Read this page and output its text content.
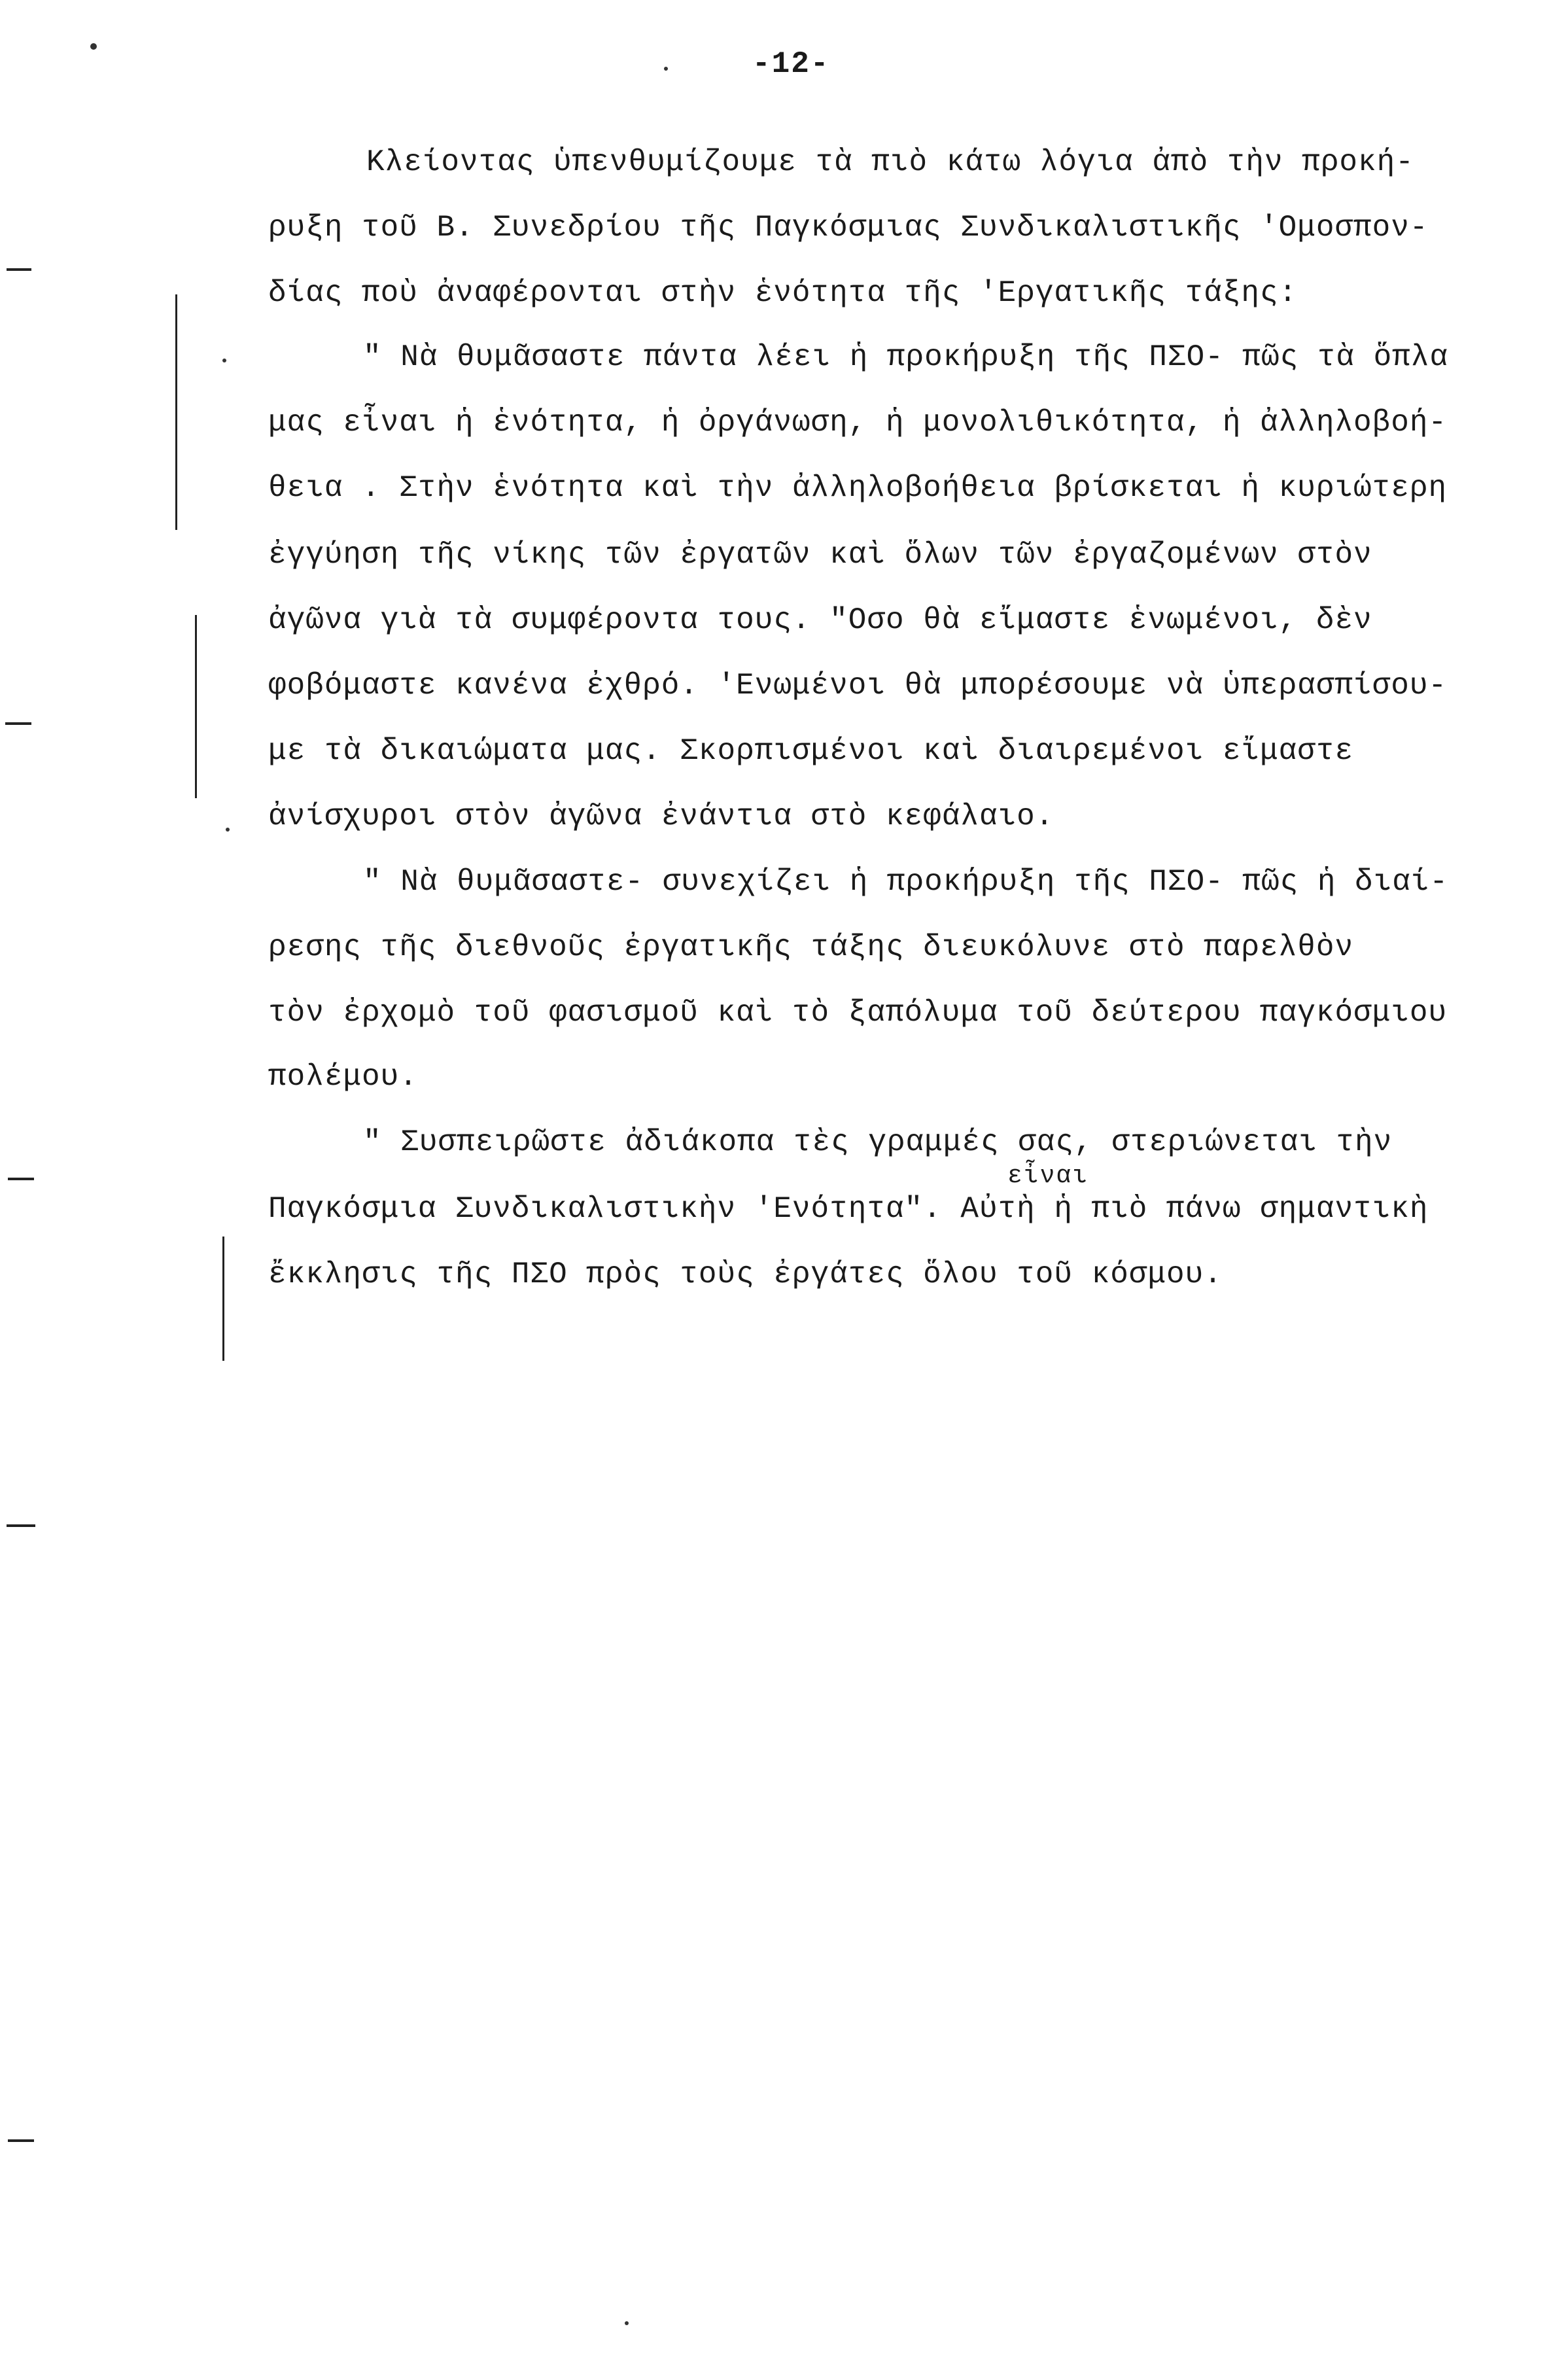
-12-
Κλείοντας ὑπενθυμίζουμε τὰ πιὸ κάτω λόγια ἀπὸ τὴν προκή-
ρυξη τοῦ Β. Συνεδρίου τῆς Παγκόσμιας Συνδικαλιστικῆς 'Ομοσπον-
δίας ποὺ ἀναφέρονται στὴν ἑνότητα τῆς 'Εργατικῆς τάξης:
" Νὰ θυμᾶσαστε πάντα λέει ἡ προκήρυξη τῆς ΠΣΟ- πῶς τὰ ὅπλα
μας εἶναι ἡ ἑνότητα, ἡ ὀργάνωση, ἡ μονολιθικότητα, ἡ ἀλληλοβοή-
θεια . Στὴν ἑνότητα καὶ τὴν ἀλληλοβοήθεια βρίσκεται ἡ κυριώτερη
ἐγγύηση τῆς νίκης τῶν ἐργατῶν καὶ ὅλων τῶν ἐργαζομένων στὸν
ἀγῶνα γιὰ τὰ συμφέροντα τους. "Οσο θὰ εἴμαστε ἑνωμένοι, δὲν
φοβόμαστε κανένα ἐχθρό. 'Ενωμένοι θὰ μπορέσουμε νὰ ὑπερασπίσου-
με τὰ δικαιώματα μας. Σκορπισμένοι καὶ διαιρεμένοι εἴμαστε
ἀνίσχυροι στὸν ἀγῶνα ἐνάντια στὸ κεφάλαιο.
" Νὰ θυμᾶσαστε- συνεχίζει ἡ προκήρυξη τῆς ΠΣΟ- πῶς ἡ διαί-
ρεσης τῆς διεθνοῦς ἐργατικῆς τάξης διευκόλυνε στὸ παρελθὸν
τὸν ἐρχομὸ τοῦ φασισμοῦ καὶ τὸ ξαπόλυμα τοῦ δεύτερου παγκόσμιου
πολέμου.
" Συσπειρῶστε ἀδιάκοπα τὲς γραμμές σας, στεριώνεται τὴν
εἶναι
Παγκόσμια Συνδικαλιστικὴν 'Ενότητα". Αὐτὴ ἡ πιὸ πάνω σημαντικὴ
ἔκκλησις τῆς ΠΣΟ πρὸς τοὺς ἐργάτες ὅλου τοῦ κόσμου.
